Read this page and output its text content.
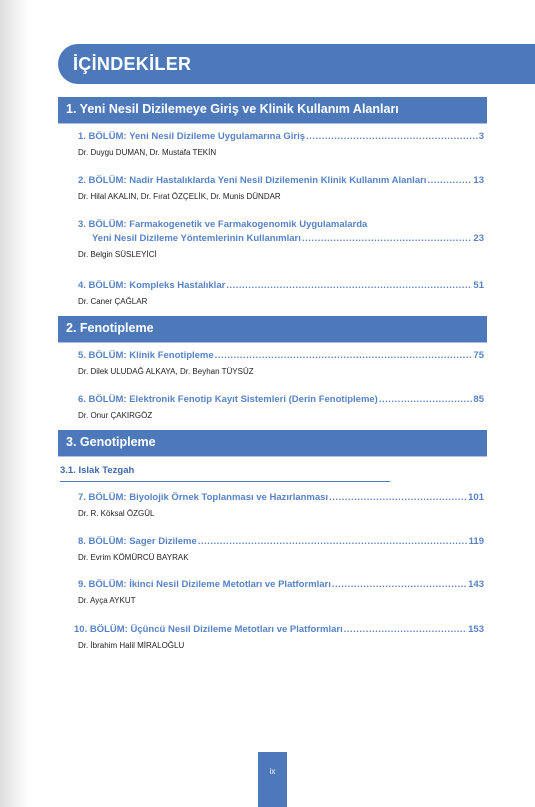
İÇİNDEKİLER
1. Yeni Nesil Dizilemeye Giriş ve Klinik Kullanım Alanları
1. BÖLÜM:
Yeni Nesil Dizileme Uygulamarına Giriş .....	3
Dr. Duygu DUMAN, Dr. Mustafa TEKİN
2. BÖLÜM:
Nadir Hastalıklarda Yeni Nesil Dizilemenin Klinik Kullanım Alanları .....	13
Dr. Hilal AKALIN, Dr. Fırat ÖZÇELİK, Dr. Munis DÜNDAR
3. BÖLÜM: Farmakogenetik ve Farmakogenomik Uygulamalarda
Yeni Nesil Dizileme Yöntemlerinin Kullanımları .....	23
Dr. Belgin SÜSLEYİCİ
4. BÖLÜM:
Kompleks Hastalıklar .....	51
Dr. Caner ÇAĞLAR
2. Fenotipleme
5. BÖLÜM:
Klinik Fenotipleme .....	75
Dr. Dilek ULUDAĞ ALKAYA, Dr. Beyhan TÜYSÜZ
6. BÖLÜM:
Elektronik Fenotip Kayıt Sistemleri (Derin Fenotipleme) .....	85
Dr. Onur ÇAKIRGÖZ
3. Genotipleme
3.1. Islak Tezgah
7. BÖLÜM:
Biyolojik Örnek Toplanması ve Hazırlanması .....	101
Dr. R. Köksal ÖZGÜL
8. BÖLÜM:
Sager Dizileme .....	119
Dr. Evrim KÖMÜRCÜ BAYRAK
9. BÖLÜM:
İkinci Nesil Dizileme Metotları ve Platformları .....	143
Dr. Ayça AYKUT
10. BÖLÜM:
Üçüncü Nesil Dizileme Metotları ve Platformları .....	153
Dr. İbrahim Halil MİRALOĞLU
$_{ix}$
